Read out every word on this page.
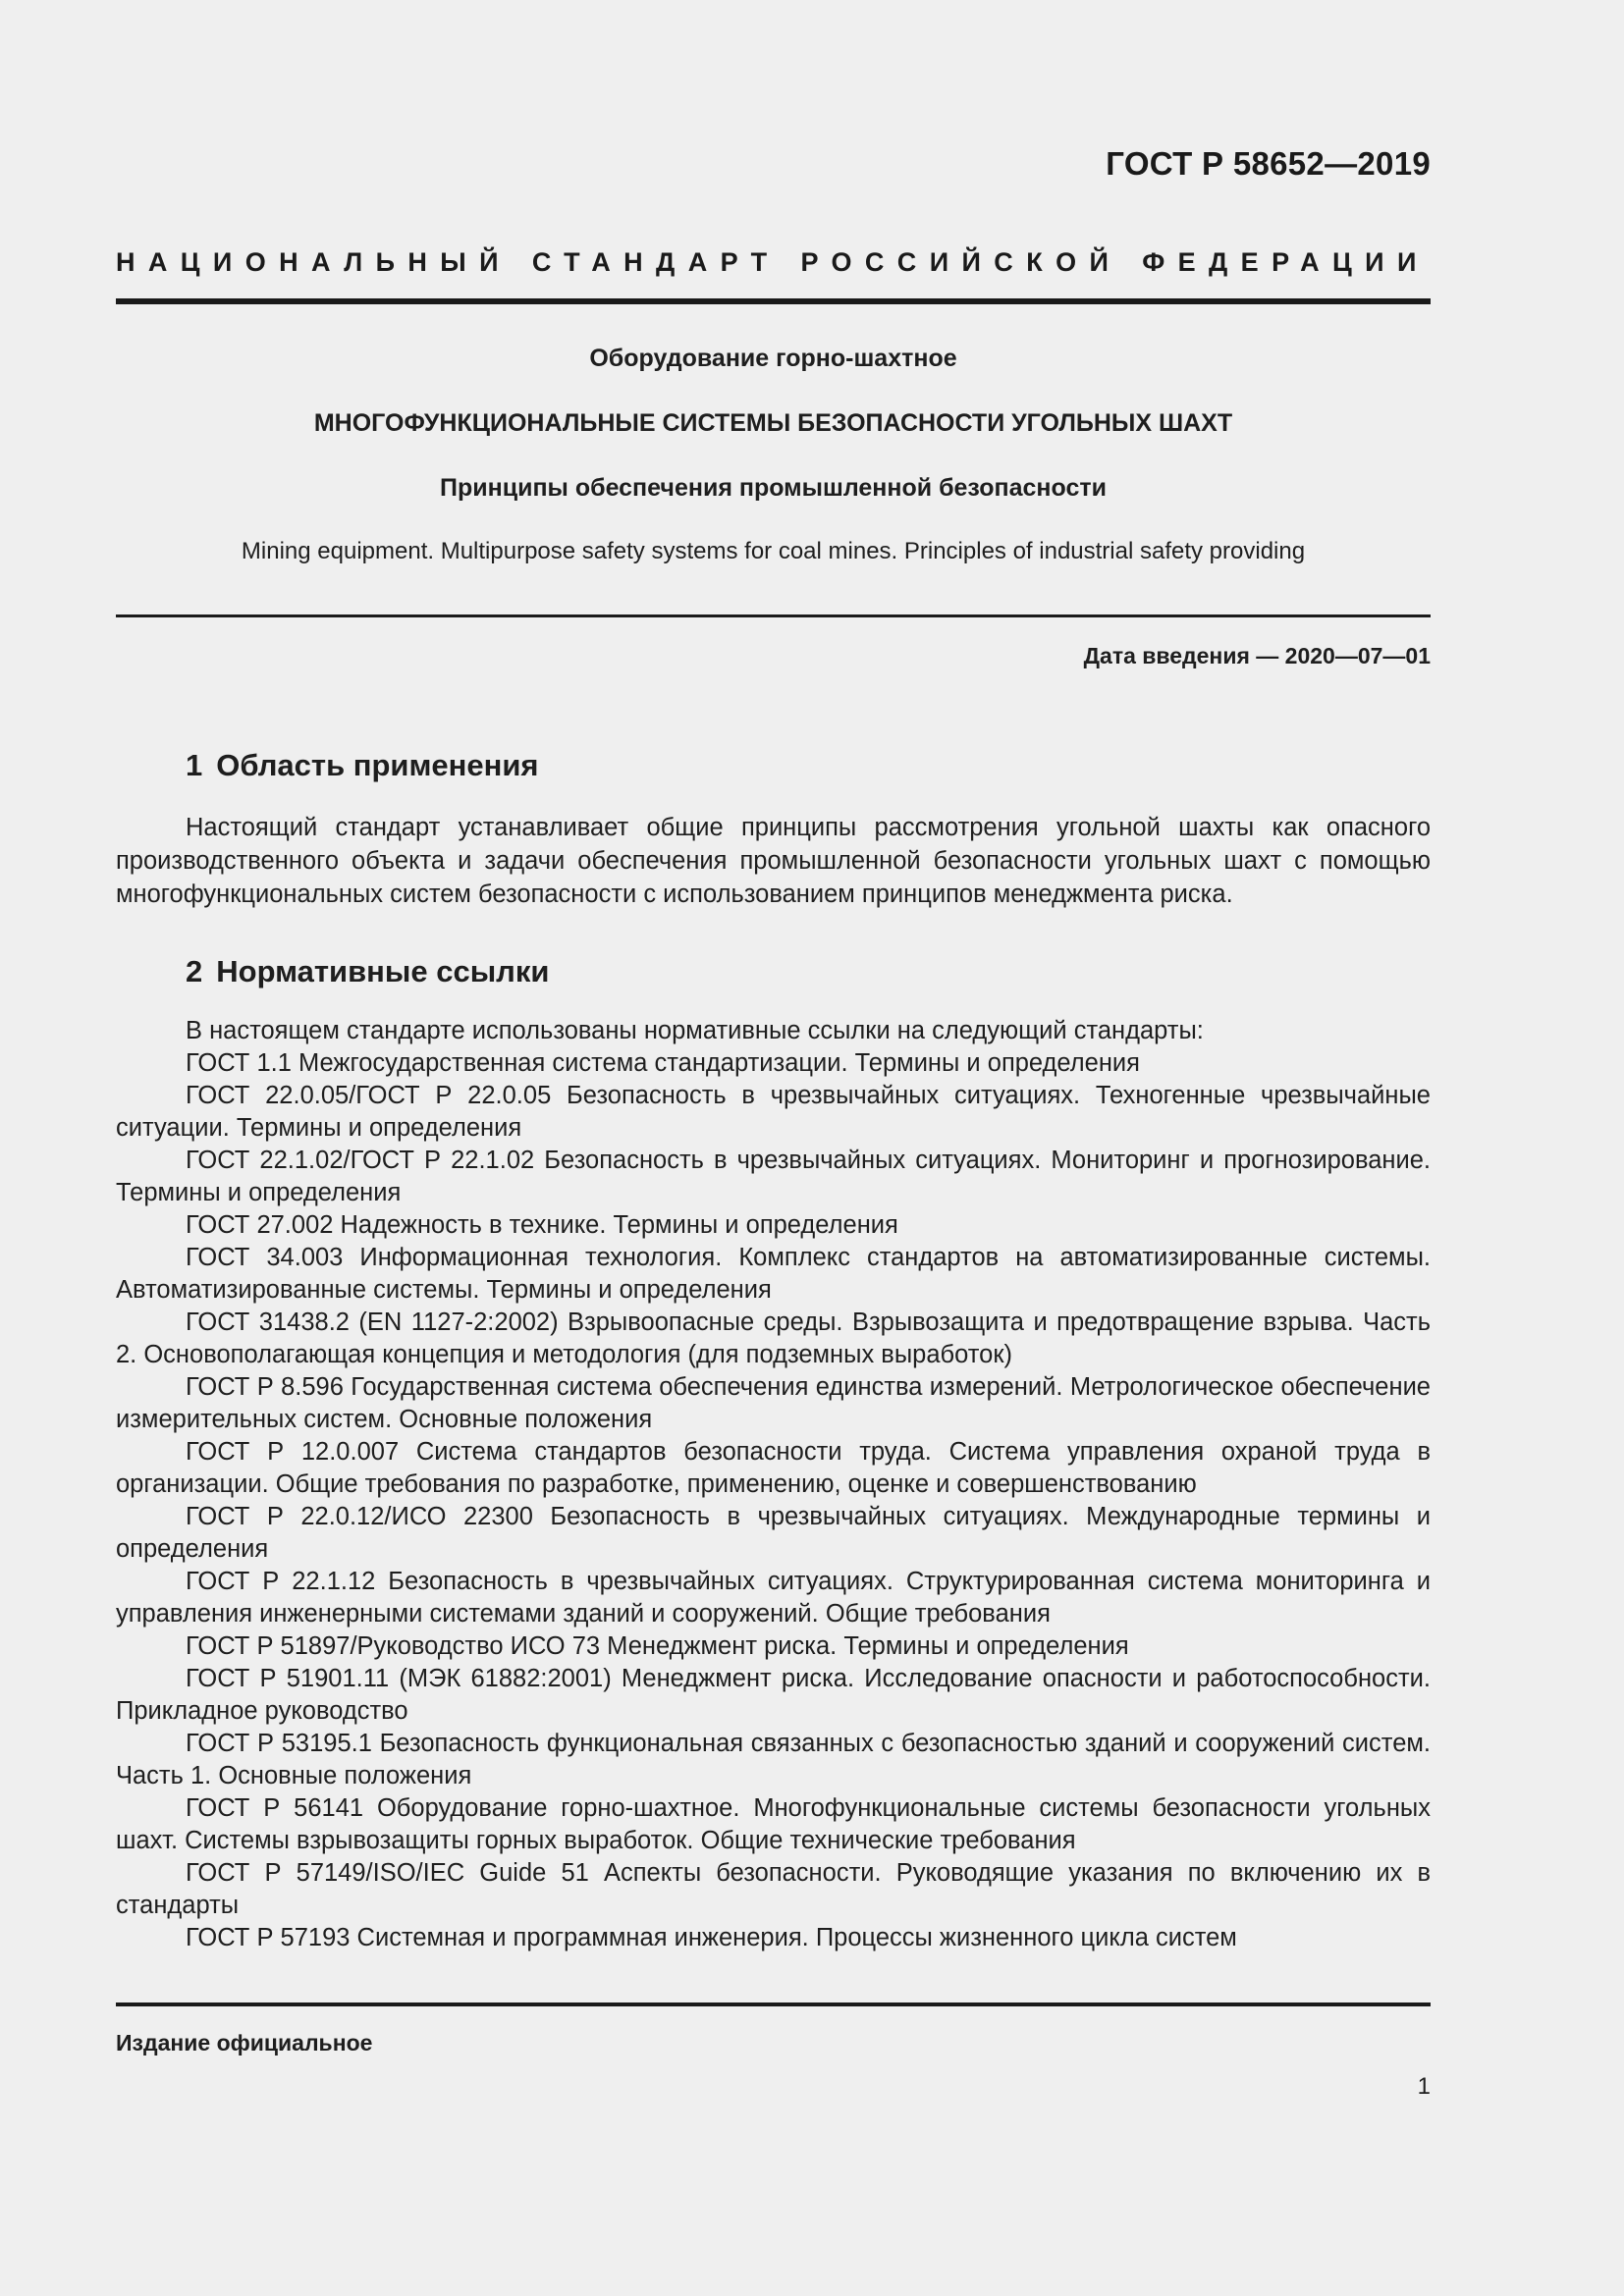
ГОСТ Р 58652—2019
НАЦИОНАЛЬНЫЙ СТАНДАРТ РОССИЙСКОЙ ФЕДЕРАЦИИ

Оборудование горно-шахтное

МНОГОФУНКЦИОНАЛЬНЫЕ СИСТЕМЫ БЕЗОПАСНОСТИ УГОЛЬНЫХ ШАХТ

Принципы обеспечения промышленной безопасности

Mining equipment. Multipurpose safety systems for coal mines. Principles of industrial safety providing

Дата введения — 2020—07—01
1 Область применения

Настоящий стандарт устанавливает общие принципы рассмотрения угольной шахты как опасного производственного объекта и задачи обеспечения промышленной безопасности угольных шахт с помощью многофункциональных систем безопасности с использованием принципов менеджмента риска.

2 Нормативные ссылки

В настоящем стандарте использованы нормативные ссылки на следующий стандарты:

ГОСТ 1.1 Межгосударственная система стандартизации. Термины и определения

ГОСТ 22.0.05/ГОСТ Р 22.0.05 Безопасность в чрезвычайных ситуациях. Техногенные чрезвычайные ситуации. Термины и определения

ГОСТ 22.1.02/ГОСТ Р 22.1.02 Безопасность в чрезвычайных ситуациях. Мониторинг и прогнозирование. Термины и определения

ГОСТ 27.002 Надежность в технике. Термины и определения

ГОСТ 34.003 Информационная технология. Комплекс стандартов на автоматизированные системы. Автоматизированные системы. Термины и определения

ГОСТ 31438.2 (EN 1127-2:2002) Взрывоопасные среды. Взрывозащита и предотвращение взрыва. Часть 2. Основополагающая концепция и методология (для подземных выработок)

ГОСТ Р 8.596 Государственная система обеспечения единства измерений. Метрологическое обеспечение измерительных систем. Основные положения

ГОСТ Р 12.0.007 Система стандартов безопасности труда. Система управления охраной труда в организации. Общие требования по разработке, применению, оценке и совершенствованию

ГОСТ Р 22.0.12/ИСО 22300 Безопасность в чрезвычайных ситуациях. Международные термины и определения

ГОСТ Р 22.1.12 Безопасность в чрезвычайных ситуациях. Структурированная система мониторинга и управления инженерными системами зданий и сооружений. Общие требования

ГОСТ Р 51897/Руководство ИСО 73 Менеджмент риска. Термины и определения

ГОСТ Р 51901.11 (МЭК 61882:2001) Менеджмент риска. Исследование опасности и работоспособности. Прикладное руководство

ГОСТ Р 53195.1 Безопасность функциональная связанных с безопасностью зданий и сооружений систем. Часть 1. Основные положения

ГОСТ Р 56141 Оборудование горно-шахтное. Многофункциональные системы безопасности угольных шахт. Системы взрывозащиты горных выработок. Общие технические требования

ГОСТ Р 57149/ISO/IEC Guide 51 Аспекты безопасности. Руководящие указания по включению их в стандарты

ГОСТ Р 57193 Системная и программная инженерия. Процессы жизненного цикла систем

Издание официальное
1
